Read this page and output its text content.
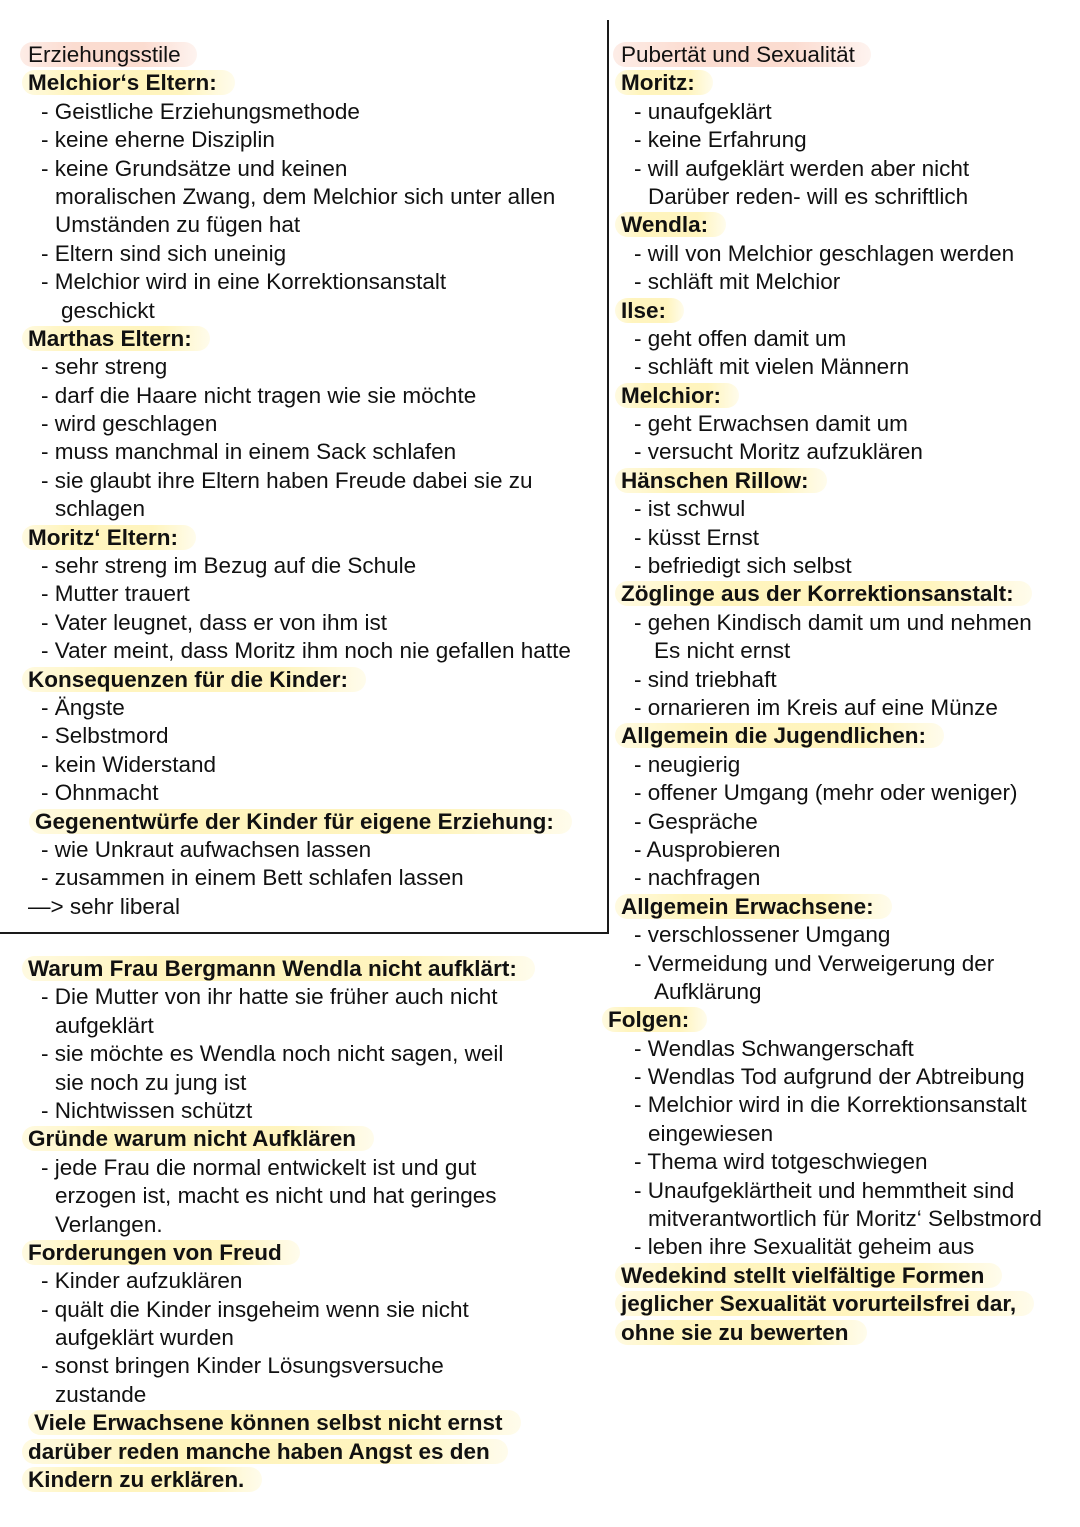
Erziehungsstile
Melchior‘s Eltern:
- Geistliche Erziehungsmethode
- keine eherne Disziplin
- keine Grundsätze und keinen
moralischen Zwang, dem Melchior sich unter allen
Umständen zu fügen hat
- Eltern sind sich uneinig
- Melchior wird in eine Korrektionsanstalt
geschickt
Marthas Eltern:
- sehr streng
- darf die Haare nicht tragen wie sie möchte
- wird geschlagen
- muss manchmal in einem Sack schlafen
- sie glaubt ihre Eltern haben Freude dabei sie zu
schlagen
Moritz‘ Eltern:
- sehr streng im Bezug auf die Schule
- Mutter trauert
- Vater leugnet, dass er von ihm ist
- Vater meint, dass Moritz ihm noch nie gefallen hatte
Konsequenzen für die Kinder:
- Ängste
- Selbstmord
- kein Widerstand
- Ohnmacht
Gegenentwürfe der Kinder für eigene Erziehung:
- wie Unkraut aufwachsen lassen
- zusammen in einem Bett schlafen lassen
—> sehr liberal
Warum Frau Bergmann Wendla nicht aufklärt:
- Die Mutter von ihr hatte sie früher auch nicht
aufgeklärt
- sie möchte es Wendla noch nicht sagen, weil
sie noch zu jung ist
- Nichtwissen schützt
Gründe warum nicht Aufklären
- jede Frau die normal entwickelt ist und gut
erzogen ist, macht es nicht und hat geringes
Verlangen.
Forderungen von Freud
- Kinder aufzuklären
- quält die Kinder insgeheim wenn sie nicht
aufgeklärt wurden
- sonst bringen Kinder Lösungsversuche
zustande
Viele Erwachsene können selbst nicht ernst
darüber reden manche haben Angst es den
Kindern zu erklären.
Pubertät und Sexualität
Moritz:
- unaufgeklärt
- keine Erfahrung
- will aufgeklärt werden aber nicht
Darüber reden- will es schriftlich
Wendla:
- will von Melchior geschlagen werden
- schläft mit Melchior
Ilse:
- geht offen damit um
- schläft mit vielen Männern
Melchior:
- geht Erwachsen damit um
- versucht Moritz aufzuklären
Hänschen Rillow:
- ist schwul
- küsst Ernst
- befriedigt sich selbst
Zöglinge aus der Korrektionsanstalt:
- gehen Kindisch damit um und nehmen
Es nicht ernst
- sind triebhaft
- ornarieren im Kreis auf eine Münze
Allgemein die Jugendlichen:
- neugierig
- offener Umgang (mehr oder weniger)
- Gespräche
- Ausprobieren
- nachfragen
Allgemein Erwachsene:
- verschlossener Umgang
- Vermeidung und Verweigerung der
Aufklärung
Folgen:
- Wendlas Schwangerschaft
- Wendlas Tod aufgrund der Abtreibung
- Melchior wird in die Korrektionsanstalt
eingewiesen
- Thema wird totgeschwiegen
- Unaufgeklärtheit und hemmtheit sind
mitverantwortlich für Moritz‘ Selbstmord
- leben ihre Sexualität geheim aus
Wedekind stellt vielfältige Formen
jeglicher Sexualität vorurteilsfrei dar,
ohne sie zu bewerten
